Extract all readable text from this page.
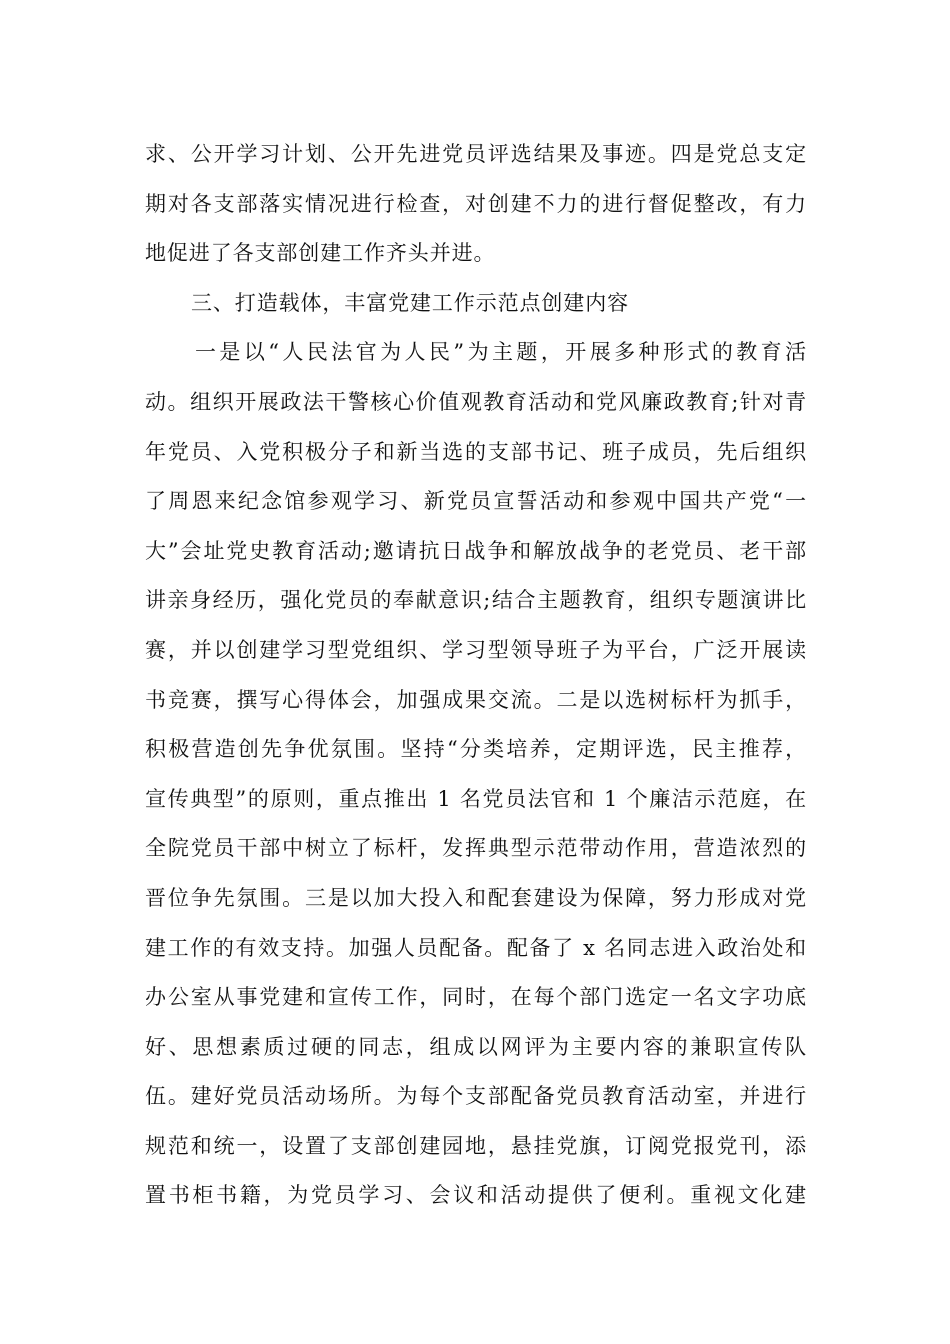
求、公开学习计划、公开先进党员评选结果及事迹。四是党总支定
期对各支部落实情况进行检查，对创建不力的进行督促整改，有力
地促进了各支部创建工作齐头并进。
三、打造载体，丰富党建工作示范点创建内容
一是以“人民法官为人民”为主题，开展多种形式的教育活
动。组织开展政法干警核心价值观教育活动和党风廉政教育;针对青
年党员、入党积极分子和新当选的支部书记、班子成员，先后组织
了周恩来纪念馆参观学习、新党员宣誓活动和参观中国共产党“一
大”会址党史教育活动;邀请抗日战争和解放战争的老党员、老干部
讲亲身经历，强化党员的奉献意识;结合主题教育，组织专题演讲比
赛，并以创建学习型党组织、学习型领导班子为平台，广泛开展读
书竞赛，撰写心得体会，加强成果交流。二是以选树标杆为抓手，
积极营造创先争优氛围。坚持“分类培养，定期评选，民主推荐，
宣传典型”的原则，重点推出 1 名党员法官和 1 个廉洁示范庭，在
全院党员干部中树立了标杆，发挥典型示范带动作用，营造浓烈的
晋位争先氛围。三是以加大投入和配套建设为保障，努力形成对党
建工作的有效支持。加强人员配备。配备了 x 名同志进入政治处和
办公室从事党建和宣传工作，同时，在每个部门选定一名文字功底
好、思想素质过硬的同志，组成以网评为主要内容的兼职宣传队
伍。建好党员活动场所。为每个支部配备党员教育活动室，并进行
规范和统一，设置了支部创建园地，悬挂党旗，订阅党报党刊，添
置书柜书籍，为党员学习、会议和活动提供了便利。重视文化建
